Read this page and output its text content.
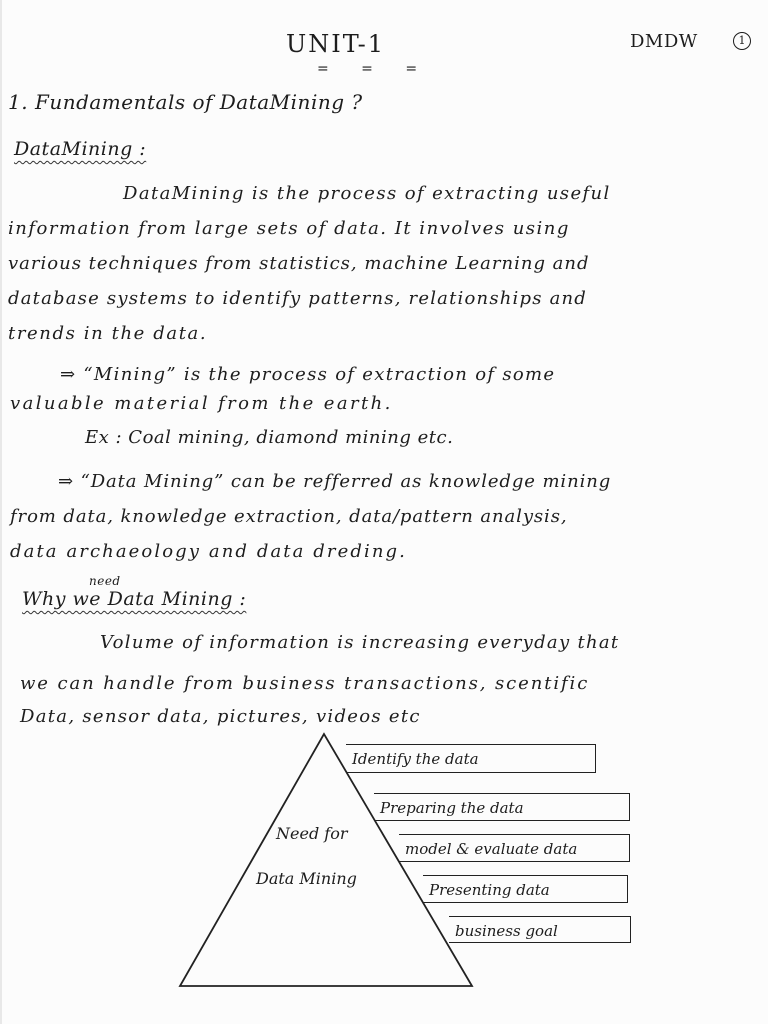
UNIT-1
= = =
DMDW	1
1. Fundamentals of DataMining ?
DataMining :
DataMining is the process of extracting useful
information from large sets of data. It involves using
various techniques from statistics, machine Learning and
database systems to identify patterns, relationships and
trends in the data.
⇒ “Mining” is the process of extraction of some
valuable material from the earth.
Ex : Coal mining, diamond mining etc.
⇒ “Data Mining” can be refferred as knowledge mining
from data, knowledge extraction, data/pattern analysis,
data archaeology and data dreding.
need
Why we Data Mining :
Volume of information is increasing everyday that
we can handle from business transactions, scentific
Data, sensor data, pictures, videos etc
Need for
Data Mining
Identify the data
Preparing the data
model & evaluate data
Presenting data
business goal
